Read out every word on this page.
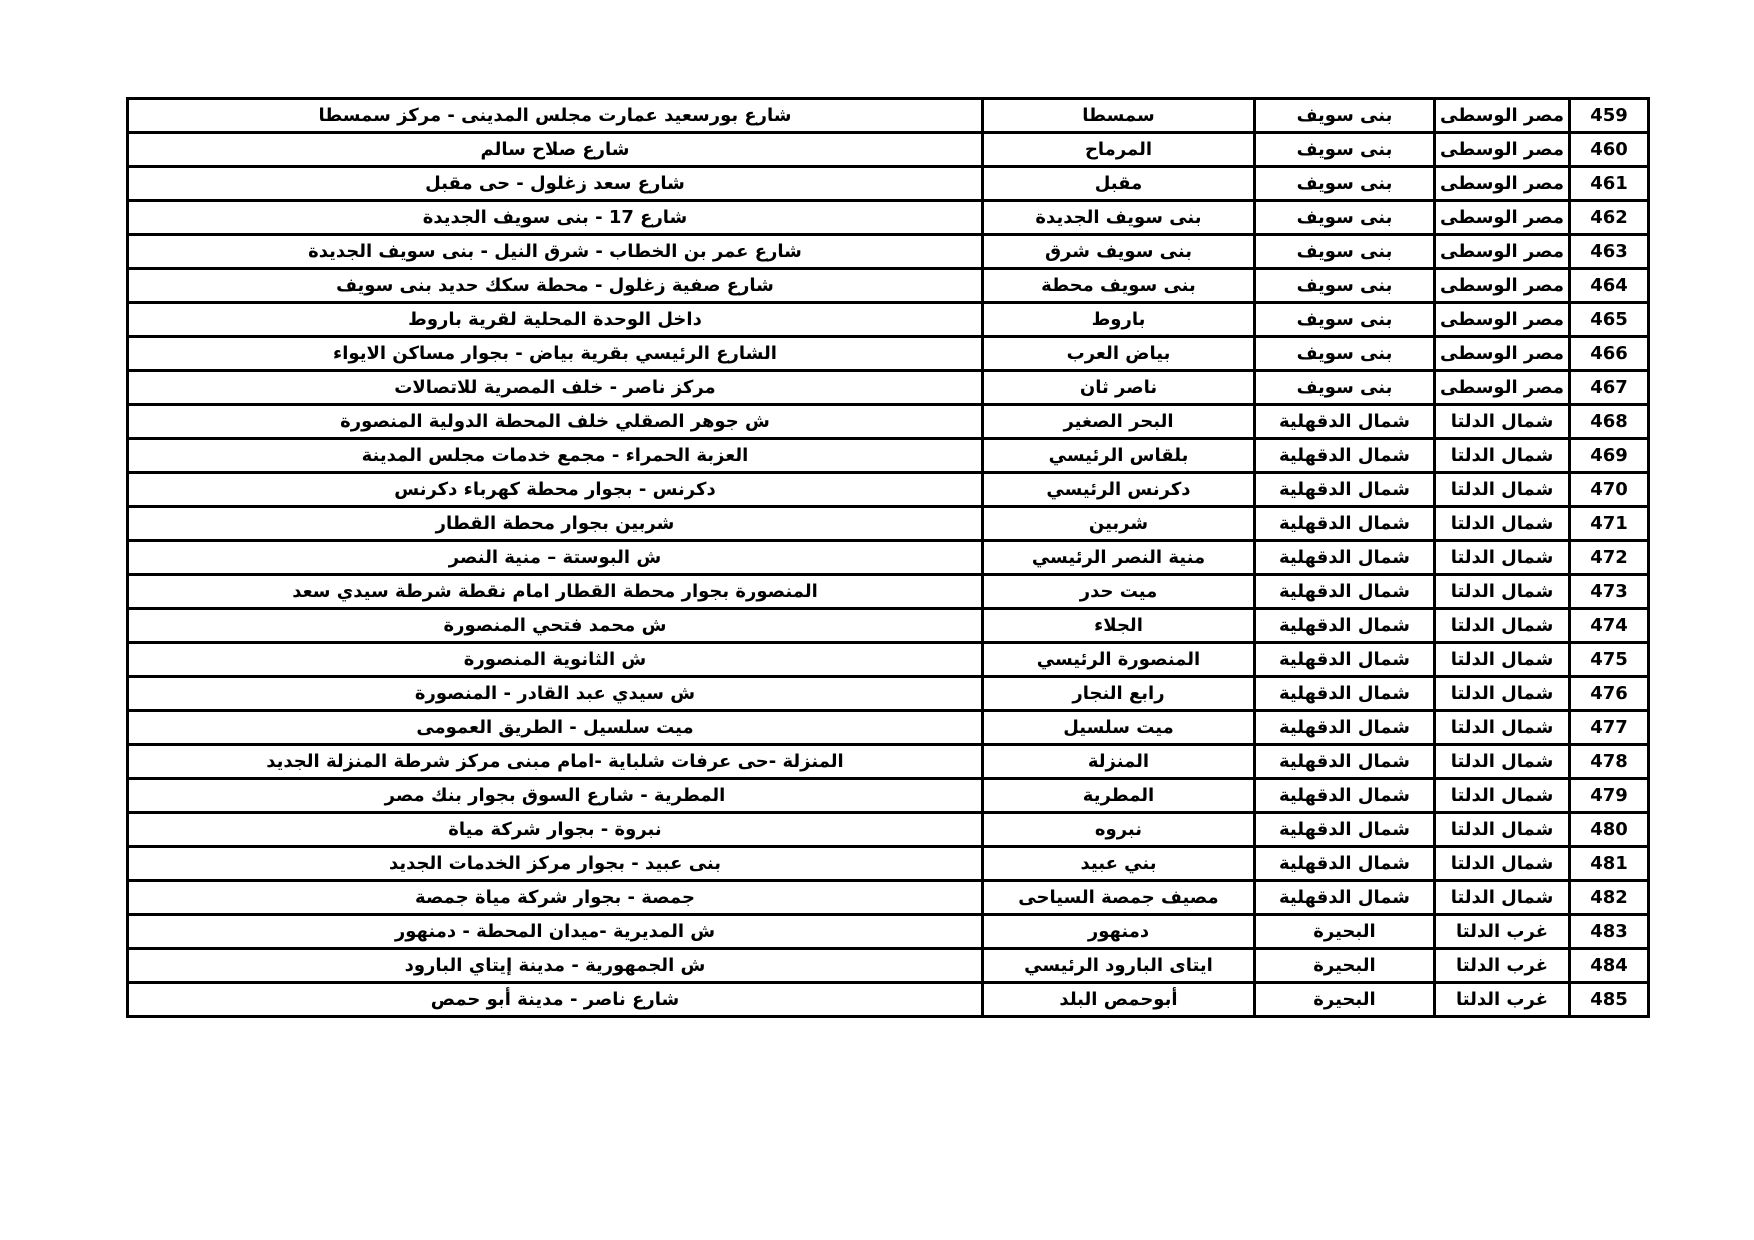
459	مصر الوسطى	بنى سويف	سمسطا	شارع بورسعيد عمارت مجلس المدينى - مركز سمسطا
460	مصر الوسطى	بنى سويف	المرماح	شارع صلاح سالم
461	مصر الوسطى	بنى سويف	مقبل	شارع سعد زغلول - حى مقبل
462	مصر الوسطى	بنى سويف	بنى سويف الجديدة	شارع 17 - بنى سويف الجديدة
463	مصر الوسطى	بنى سويف	بنى سويف شرق	شارع عمر بن الخطاب - شرق النيل - بنى سويف الجديدة
464	مصر الوسطى	بنى سويف	بنى سويف محطة	شارع صفية زغلول - محطة سكك حديد بنى سويف
465	مصر الوسطى	بنى سويف	باروط	داخل الوحدة المحلية لقرية باروط
466	مصر الوسطى	بنى سويف	بياض العرب	الشارع الرئيسي بقرية بياض - بجوار مساكن الايواء
467	مصر الوسطى	بنى سويف	ناصر ثان	مركز ناصر - خلف المصرية للاتصالات
468	شمال الدلتا	شمال الدقهلية	البحر الصغير	ش جوهر الصقلي خلف المحطة الدولية المنصورة
469	شمال الدلتا	شمال الدقهلية	بلقاس الرئيسي	العزبة الحمراء - مجمع خدمات مجلس المدينة
470	شمال الدلتا	شمال الدقهلية	دكرنس الرئيسي	دكرنس - بجوار محطة كهرباء دكرنس
471	شمال الدلتا	شمال الدقهلية	شربين	شربين بجوار محطة القطار
472	شمال الدلتا	شمال الدقهلية	منية النصر الرئيسي	ش البوستة – منية النصر
473	شمال الدلتا	شمال الدقهلية	ميت حدر	المنصورة بجوار محطة القطار امام نقطة شرطة سيدي سعد
474	شمال الدلتا	شمال الدقهلية	الجلاء	ش محمد فتحي المنصورة
475	شمال الدلتا	شمال الدقهلية	المنصورة الرئيسي	ش الثانوية المنصورة
476	شمال الدلتا	شمال الدقهلية	رابع النجار	ش سيدي عبد القادر - المنصورة
477	شمال الدلتا	شمال الدقهلية	ميت سلسيل	ميت سلسيل - الطريق العمومى
478	شمال الدلتا	شمال الدقهلية	المنزلة	المنزلة -حى عرفات شلباية -امام مبنى مركز شرطة المنزلة الجديد
479	شمال الدلتا	شمال الدقهلية	المطرية	المطرية - شارع السوق بجوار بنك مصر
480	شمال الدلتا	شمال الدقهلية	نبروه	نبروة - بجوار شركة مياة
481	شمال الدلتا	شمال الدقهلية	بني عبيد	بنى عبيد - بجوار مركز الخدمات الجديد
482	شمال الدلتا	شمال الدقهلية	مصيف جمصة السياحى	جمصة - بجوار شركة مياة جمصة
483	غرب الدلتا	البحيرة	دمنهور	ش المديرية -ميدان المحطة - دمنهور
484	غرب الدلتا	البحيرة	ايتاى البارود الرئيسي	ش الجمهورية - مدينة إيتاي البارود
485	غرب الدلتا	البحيرة	أبوحمص البلد	شارع ناصر - مدينة أبو حمص
